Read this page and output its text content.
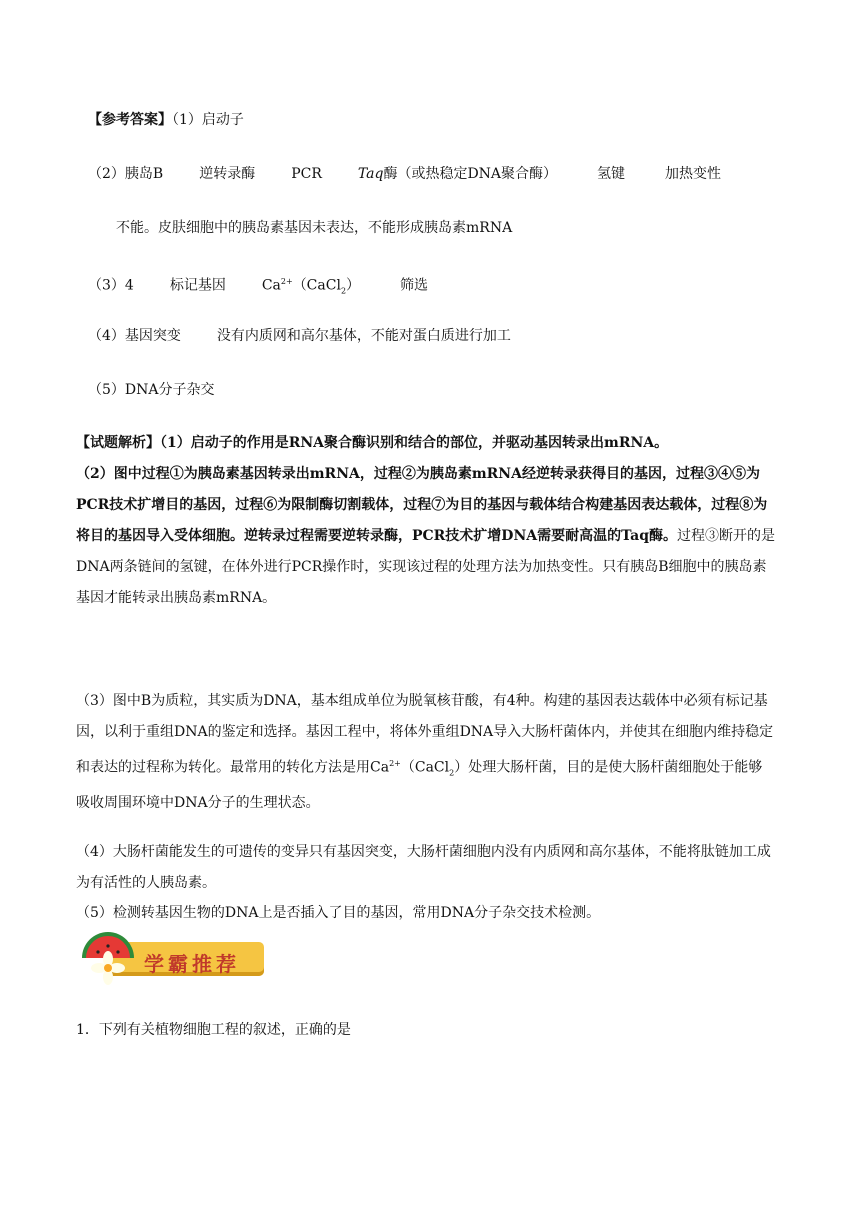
【参考答案】（1）启动子
（2）胰岛B	逆转录酶	PCR	Taq酶（或热稳定DNA聚合酶）	氢键	加热变性
不能。皮肤细胞中的胰岛素基因未表达，不能形成胰岛素mRNA
（3）4	标记基因	$Ca^{2+}(CaCl_2)$	筛选
（4）基因突变	没有内质网和高尔基体，不能对蛋白质进行加工
（5）DNA分子杂交
【试题解析】（1）启动子的作用是RNA聚合酶识别和结合的部位，并驱动基因转录出mRNA。
（2）图中过程①为胰岛素基因转录出mRNA，过程②为胰岛素mRNA经逆转录获得目的基因，过程③④⑤为PCR技术扩增目的基因，过程⑥为限制酶切割载体，过程⑦为目的基因与载体结合构建基因表达载体，过程⑧为将目的基因导入受体细胞。逆转录过程需要逆转录酶，PCR技术扩增DNA需要耐高温的Taq酶。过程③断开的是DNA两条链间的氢键，在体外进行PCR操作时，实现该过程的处理方法为加热变性。只有胰岛B细胞中的胰岛素基因才能转录出胰岛素mRNA。
（3）图中B为质粒，其实质为DNA，基本组成单位为脱氧核苷酸，有4种。构建的基因表达载体中必须有标记基因，以利于重组DNA的鉴定和选择。基因工程中，将体外重组DNA导入大肠杆菌体内，并使其在细胞内维持稳定和表达的过程称为转化。最常用的转化方法是用$Ca^{2+}(CaCl_2)$处理大肠杆菌，目的是使大肠杆菌细胞处于能够吸收周围环境中DNA分子的生理状态。
（4）大肠杆菌能发生的可遗传的变异只有基因突变，大肠杆菌细胞内没有内质网和高尔基体，不能将肽链加工成为有活性的人胰岛素。
（5）检测转基因生物的DNA上是否插入了目的基因，常用DNA分子杂交技术检测。
学霸推荐
1．下列有关植物细胞工程的叙述，正确的是
